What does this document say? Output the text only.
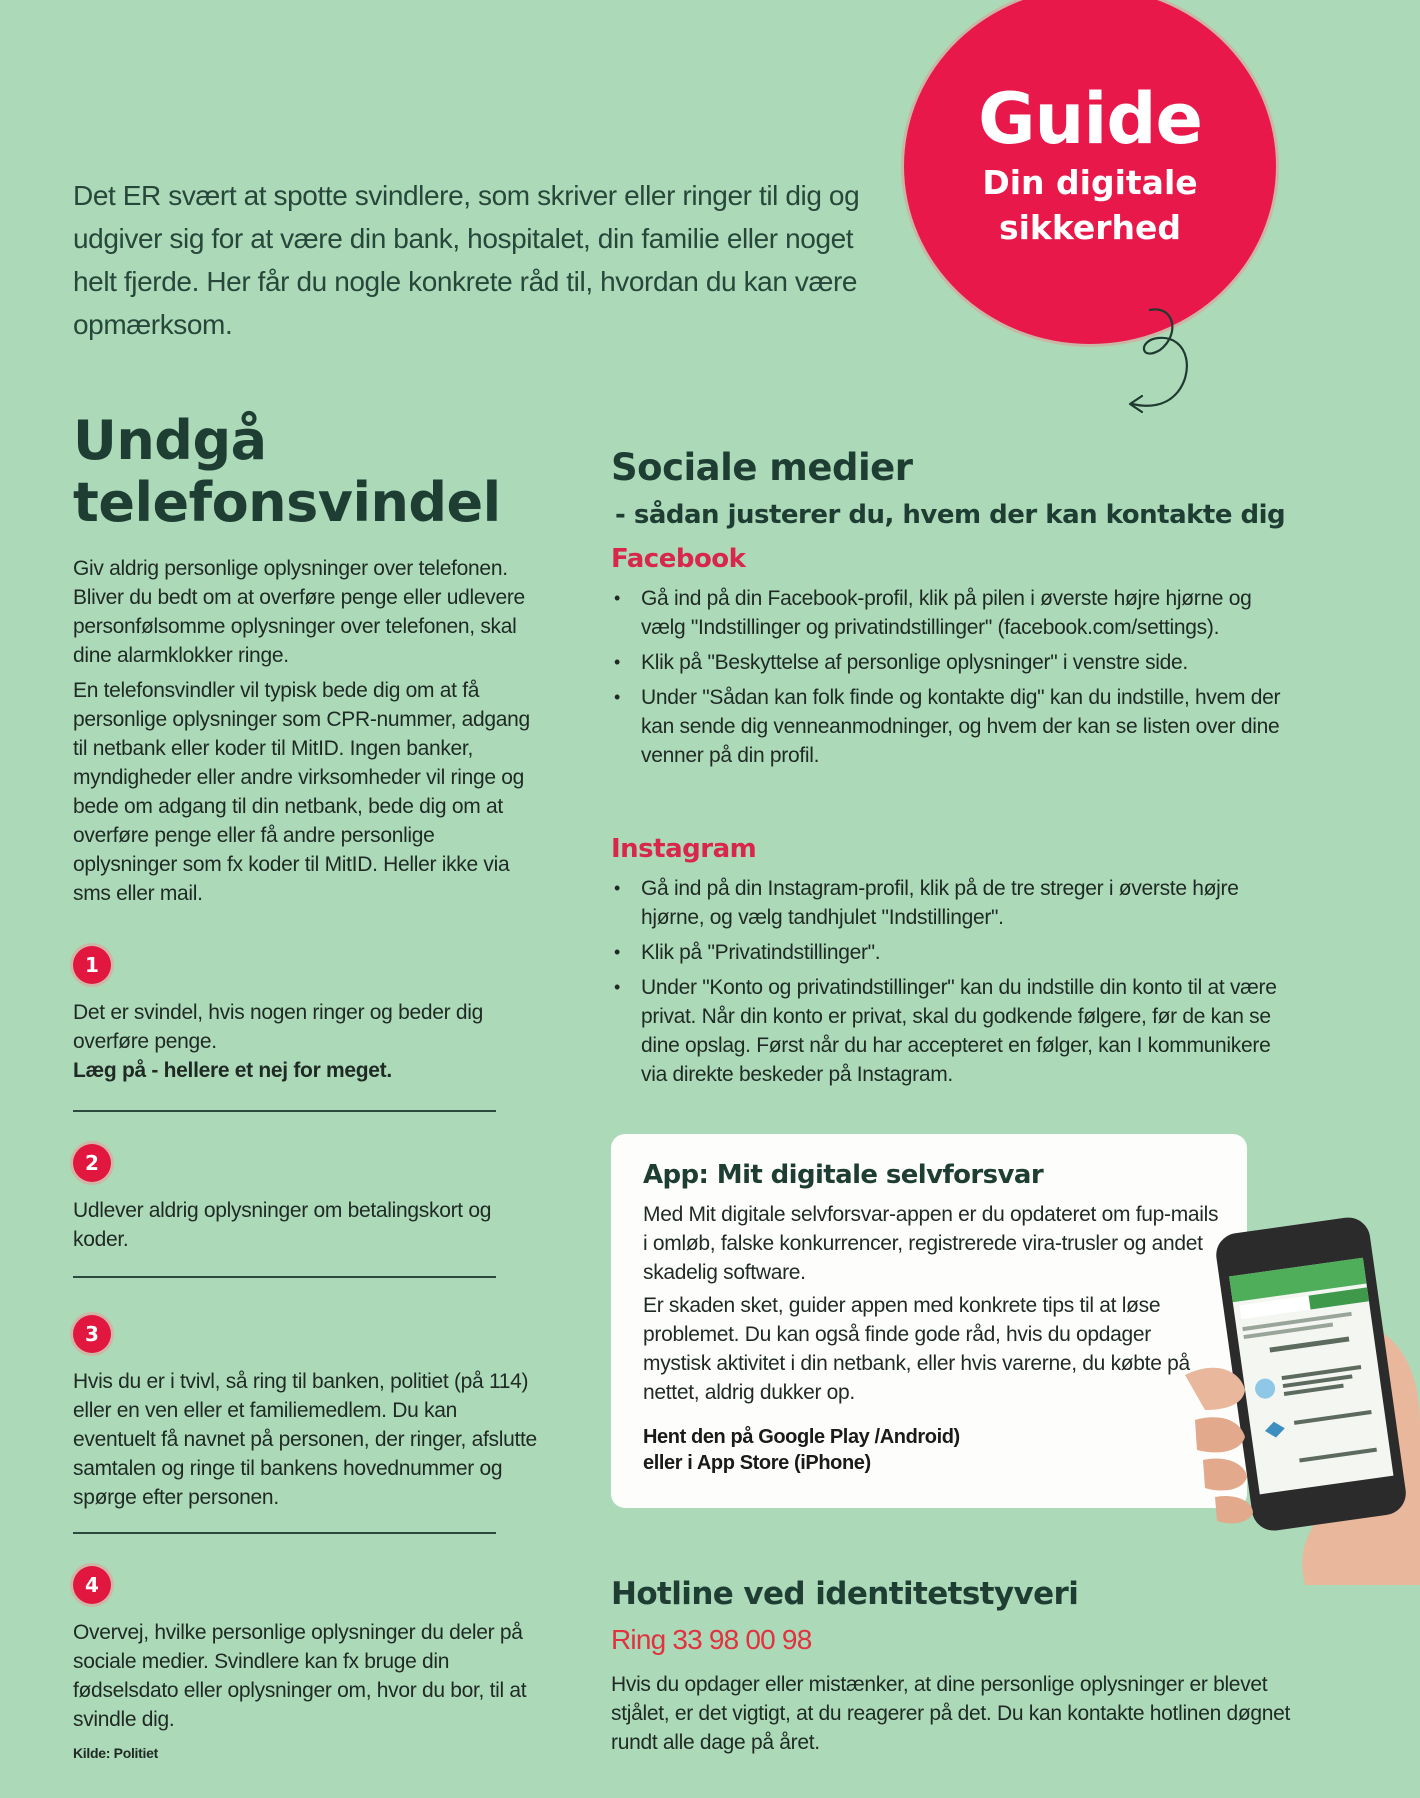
Guide
Din digitale
sikkerhed
Det ER svært at spotte svindlere, som skriver eller ringer til dig og udgiver sig for at være din bank, hospitalet, din familie eller noget helt fjerde. Her får du nogle konkrete råd til, hvordan du kan være opmærksom.
Undgå
telefonsvindel
Giv aldrig personlige oplysninger over telefonen. Bliver du bedt om at overføre penge eller udlevere personfølsomme oplysninger over telefonen, skal dine alarmklokker ringe.
En telefonsvindler vil typisk bede dig om at få personlige oplysninger som CPR-nummer, adgang til netbank eller koder til MitID. Ingen banker, myndigheder eller andre virksomheder vil ringe og bede om adgang til din netbank, bede dig om at overføre penge eller få andre personlige oplysninger som fx koder til MitID. Heller ikke via sms eller mail.
1
Det er svindel, hvis nogen ringer og beder dig overføre penge.
Læg på - hellere et nej for meget.
2
Udlever aldrig oplysninger om betalingskort og koder.
3
Hvis du er i tvivl, så ring til banken, politiet (på 114) eller en ven eller et familiemedlem. Du kan eventuelt få navnet på personen, der ringer, afslutte samtalen og ringe til bankens hovednummer og spørge efter personen.
4
Overvej, hvilke personlige oplysninger du deler på sociale medier. Svindlere kan fx bruge din fødselsdato eller oplysninger om, hvor du bor, til at svindle dig.
Kilde: Politiet
Sociale medier
- sådan justerer du, hvem der kan kontakte dig
Facebook
• Gå ind på din Facebook-profil, klik på pilen i øverste højre hjørne og vælg "Indstillinger og privatindstillinger" (facebook.com/settings).
• Klik på "Beskyttelse af personlige oplysninger" i venstre side.
• Under "Sådan kan folk finde og kontakte dig" kan du indstille, hvem der kan sende dig venneanmodninger, og hvem der kan se listen over dine venner på din profil.
Instagram
• Gå ind på din Instagram-profil, klik på de tre streger i øverste højre hjørne, og vælg tandhjulet "Indstillinger".
• Klik på "Privatindstillinger".
• Under "Konto og privatindstillinger" kan du indstille din konto til at være privat. Når din konto er privat, skal du godkende følgere, før de kan se dine opslag. Først når du har accepteret en følger, kan I kommunikere via direkte beskeder på Instagram.
App: Mit digitale selvforsvar
Med Mit digitale selvforsvar-appen er du opdateret om fup-mails i omløb, falske konkurrencer, registrerede vira-trusler og andet skadelig software.
Er skaden sket, guider appen med konkrete tips til at løse problemet. Du kan også finde gode råd, hvis du opdager mystisk aktivitet i din netbank, eller hvis varerne, du købte på nettet, aldrig dukker op.
Hent den på Google Play /Android)
eller i App Store (iPhone)
Hotline ved identitetstyveri
Ring 33 98 00 98
Hvis du opdager eller mistænker, at dine personlige oplysninger er blevet stjålet, er det vigtigt, at du reagerer på det. Du kan kontakte hotlinen døgnet rundt alle dage på året.
